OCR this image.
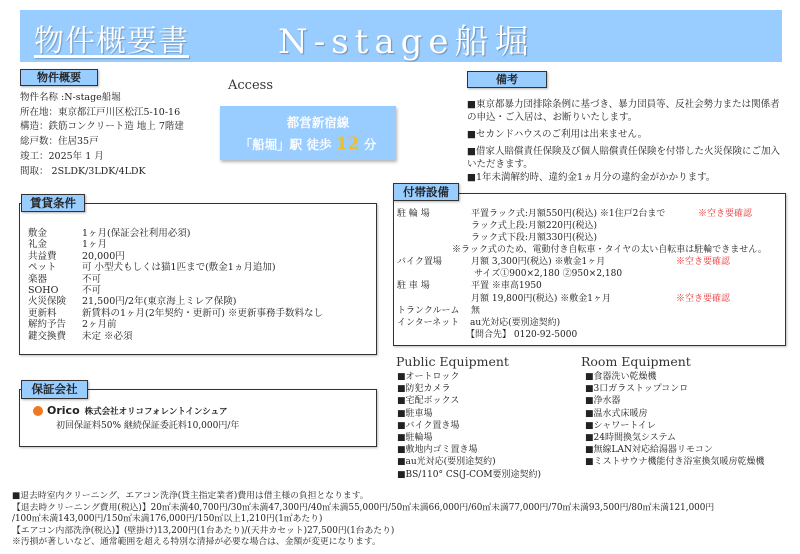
物件概要書	N-stage船堀
物件概要
物件名称 :N-stage船堀
所在地：東京都江戸川区松江5-10-16
構造：鉄筋コンクリート造 地上 7階建
総戸数：住居35戸
竣工：2025年 1 月
間取： 2SLDK/3LDK/4LDK
Access
都営新宿線
「船堀」駅 徒歩 12 分
備考

■東京都暴力団排除条例に基づき、暴力団員等、反社会勢力または関係者の申込・ご入居は、お断りいたします。

■セカンドハウスのご利用は出来ません。

■借家人賠償責任保険及び個人賠償責任保険を付帯した火災保険にご加入いただきます。

■1年未満解約時、違約金1ヵ月分の違約金がかかります。

賃貸条件
敷金	1ヶ月(保証会社利用必須)
礼金	1ヶ月
共益費	20,000円
ペット	可 小型犬もしくは猫1匹まで(敷金1ヵ月追加)
楽器	不可
SOHO	不可
火災保険	21,500円/2年(東京海上ミレア保険)
更新料	新賃料の1ヶ月(2年契約・更新可) ※更新事務手数料なし
解約予告	2ヶ月前
鍵交換費	未定 ※必須
付帯設備
駐 輪 場	平置ラック式:月額550円(税込) ※1住戸2台まで	※空き要確認
ラック式上段:月額220円(税込)
ラック式下段:月額330円(税込)
※ラック式のため、電動付き自転車・タイヤの太い自転車は駐輪できません。
バイク置場	月額 3,300円(税込) ※敷金1ヶ月	※空き要確認
サイズ①900×2,180 ②950×2,180
駐 車 場	平置 ※車高1950
月額 19,800円(税込) ※敷金1ヶ月	※空き要確認
トランクルーム 無
インターネット au光対応(要別途契約)
【問合先】 0120-92-5000
保証会社
Orico 株式会社オリコフォレントインシュア
初回保証料50% 継続保証委託料10,000円/年
Public Equipment
■オートロック
■防犯カメラ
■宅配ボックス
■駐車場
■バイク置き場
■駐輪場
■敷地内ゴミ置き場
■au光対応(要別途契約)
■BS/110° CS(J-COM要別途契約)
Room Equipment
■食器洗い乾燥機
■3口ガラストップコンロ
■浄水器
■温水式床暖房
■シャワートイレ
■24時間換気システム
■無線LAN対応給湯器リモコン
■ミストサウナ機能付き浴室換気暖房乾燥機
■退去時室内クリーニング、エアコン洗浄(貸主指定業者)費用は借主様の負担となります。
【退去時クリーニング費用(税込)】20㎡未満40,700円/30㎡未満47,300円/40㎡未満55,000円/50㎡未満66,000円/60㎡未満77,000円/70㎡未満93,500円/80㎡未満121,000円
/100㎡未満143,000円/150㎡未満176,000円/150㎡以上1,210円(1㎡あたり)
【エアコン内部洗浄(税込)】(壁掛け)13,200円(1台あたり)/(天井カセット)27,500円(1台あたり)
※汚損が著しいなど、通常範囲を超える特別な清掃が必要な場合は、金額が変更になります。
